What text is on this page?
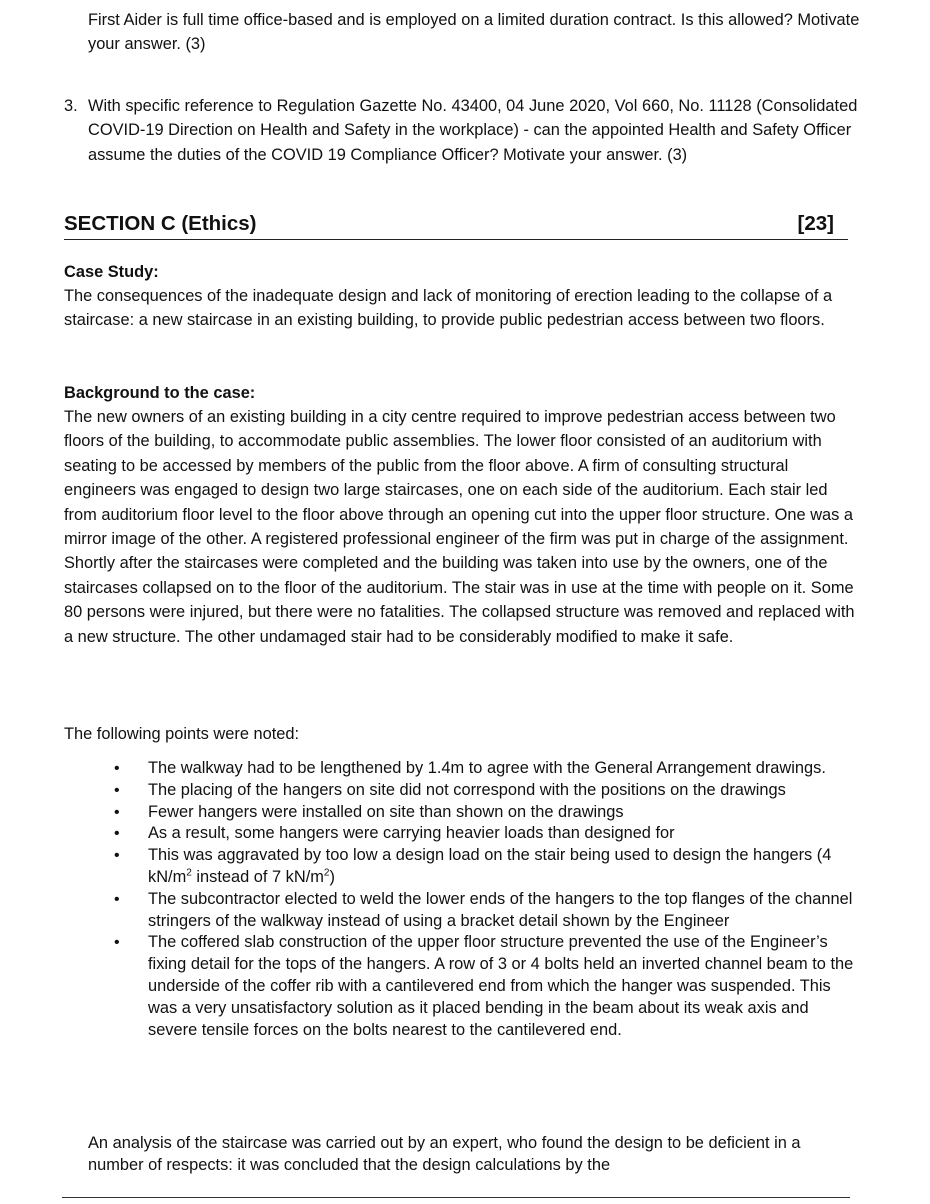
First Aider is full time office-based and is employed on a limited duration contract. Is this allowed? Motivate your answer. (3)
3. With specific reference to Regulation Gazette No. 43400, 04 June 2020, Vol 660, No. 11128 (Consolidated COVID-19 Direction on Health and Safety in the workplace) - can the appointed Health and Safety Officer assume the duties of the COVID 19 Compliance Officer? Motivate your answer. (3)
SECTION C (Ethics)	[23]
Case Study:
The consequences of the inadequate design and lack of monitoring of erection leading to the collapse of a staircase: a new staircase in an existing building, to provide public pedestrian access between two floors.
Background to the case:
The new owners of an existing building in a city centre required to improve pedestrian access between two floors of the building, to accommodate public assemblies. The lower floor consisted of an auditorium with seating to be accessed by members of the public from the floor above. A firm of consulting structural engineers was engaged to design two large staircases, one on each side of the auditorium. Each stair led from auditorium floor level to the floor above through an opening cut into the upper floor structure. One was a mirror image of the other. A registered professional engineer of the firm was put in charge of the assignment.
Shortly after the staircases were completed and the building was taken into use by the owners, one of the staircases collapsed on to the floor of the auditorium. The stair was in use at the time with people on it. Some 80 persons were injured, but there were no fatalities. The collapsed structure was removed and replaced with a new structure. The other undamaged stair had to be considerably modified to make it safe.
The following points were noted:
• The walkway had to be lengthened by 1.4m to agree with the General Arrangement drawings.
• The placing of the hangers on site did not correspond with the positions on the drawings
• Fewer hangers were installed on site than shown on the drawings
• As a result, some hangers were carrying heavier loads than designed for
• This was aggravated by too low a design load on the stair being used to design the hangers (4 $kN/m^2$ instead of 7 $kN/m^2$)
• The subcontractor elected to weld the lower ends of the hangers to the top flanges of the channel stringers of the walkway instead of using a bracket detail shown by the Engineer
• The coffered slab construction of the upper floor structure prevented the use of the Engineer’s fixing detail for the tops of the hangers. A row of 3 or 4 bolts held an inverted channel beam to the underside of the coffer rib with a cantilevered end from which the hanger was suspended. This was a very unsatisfactory solution as it placed bending in the beam about its weak axis and severe tensile forces on the bolts nearest to the cantilevered end.
An analysis of the staircase was carried out by an expert, who found the design to be deficient in a number of respects: it was concluded that the design calculations by the
